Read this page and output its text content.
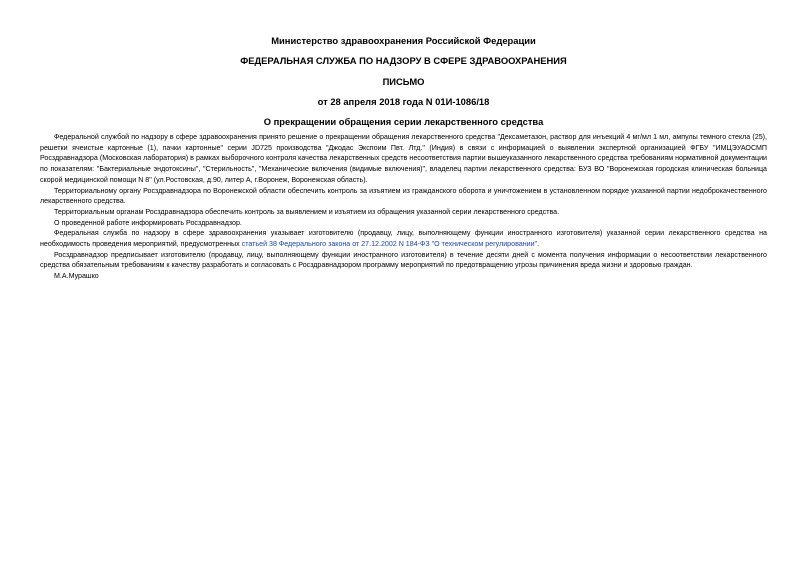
Министерство здравоохранения Российской Федерации
ФЕДЕРАЛЬНАЯ СЛУЖБА ПО НАДЗОРУ В СФЕРЕ ЗДРАВООХРАНЕНИЯ
ПИСЬМО
от 28 апреля 2018 года N 01И-1086/18
О прекращении обращения серии лекарственного средства

Федеральной службой по надзору в сфере здравоохранения принято решение о прекращении обращения лекарственного средства "Дексаметазон, раствор для инъекций 4 мг/мл 1 мл, ампулы темного стекла (25), решетки ячеистые картонные (1), пачки картонные" серии JD725 производства "Джодас Экспоим Пвт. Лтд." (Индия) в связи с информацией о выявлении экспертной организацией ФГБУ "ИМЦЭУАОСМП Росздравнадзора (Московская лаборатория) в рамках выборочного контроля качества лекарственных средств несоответствия партии вышеуказанного лекарственного средства требованиям нормативной документации по показателям: "Бактериальные эндотоксины", "Стерильность", "Механические включения (видимые включения)", владелец партии лекарственного средства: БУЗ ВО "Воронежская городская клиническая больница скорой медицинской помощи N 8" (ул.Ростовская, д.90, литер А, г.Воронеж, Воронежская область).

Территориальному органу Росздравнадзора по Воронежской области обеспечить контроль за изъятием из гражданского оборота и уничтожением в установленном порядке указанной партии недоброкачественного лекарственного средства.

Территориальным органам Росздравнадзора обеспечить контроль за выявлением и изъятием из обращения указанной серии лекарственного средства.

О проведенной работе информировать Росздравнадзор.

Федеральная служба по надзору в сфере здравоохранения указывает изготовителю (продавцу, лицу, выполняющему функции иностранного изготовителя) указанной серии лекарственного средства на необходимость проведения мероприятий, предусмотренных статьей 38 Федерального закона от 27.12.2002 N 184-ФЗ "О техническом регулировании".

Росздравнадзор предписывает изготовителю (продавцу, лицу, выполняющему функции иностранного изготовителя) в течение десяти дней с момента получения информации о несоответствии лекарственного средства обязательным требованиям к качеству разработать и согласовать с Росздравнадзором программу мероприятий по предотвращению угрозы причинения вреда жизни и здоровью граждан.

М.А.Мурашко
